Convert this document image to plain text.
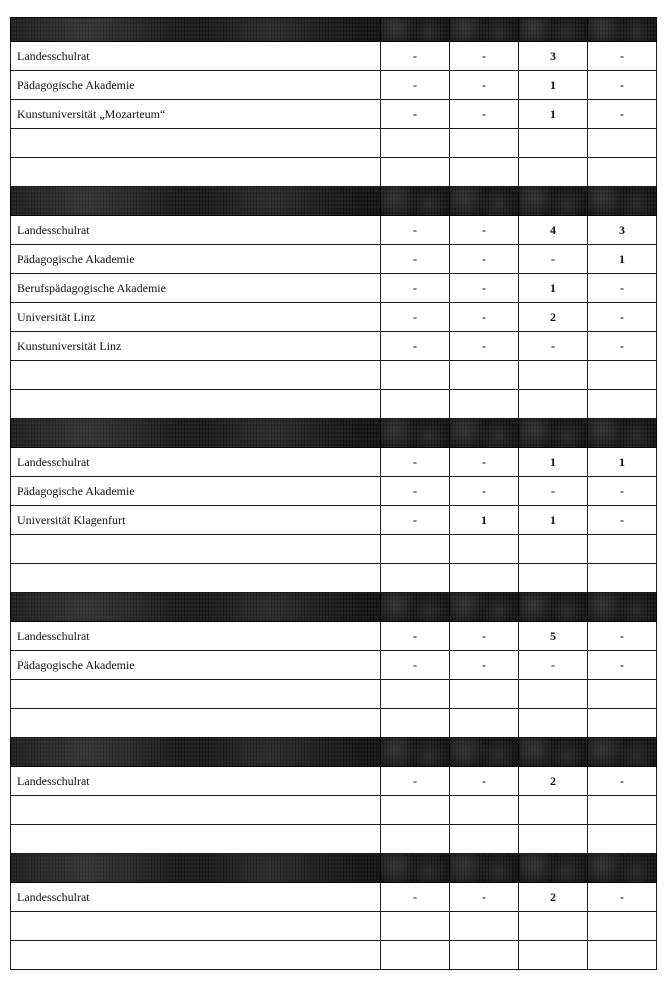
Landesschulrat	-	-	3	-
Pädagogische Akademie	-	-	1	-
Kunstuniversität „Mozarteum“	-	-	1	-

Landesschulrat	-	-	4	3
Pädagogische Akademie	-	-	-	1
Berufspädagogische Akademie	-	-	1	-
Universität Linz	-	-	2	-
Kunstuniversität Linz	-	-	-	-

Landesschulrat	-	-	1	1
Pädagogische Akademie	-	-	-	-
Universität Klagenfurt	-	1	1	-

Landesschulrat	-	-	5	-
Pädagogische Akademie	-	-	-	-

Landesschulrat	-	-	2	-

Landesschulrat	-	-	2	-
